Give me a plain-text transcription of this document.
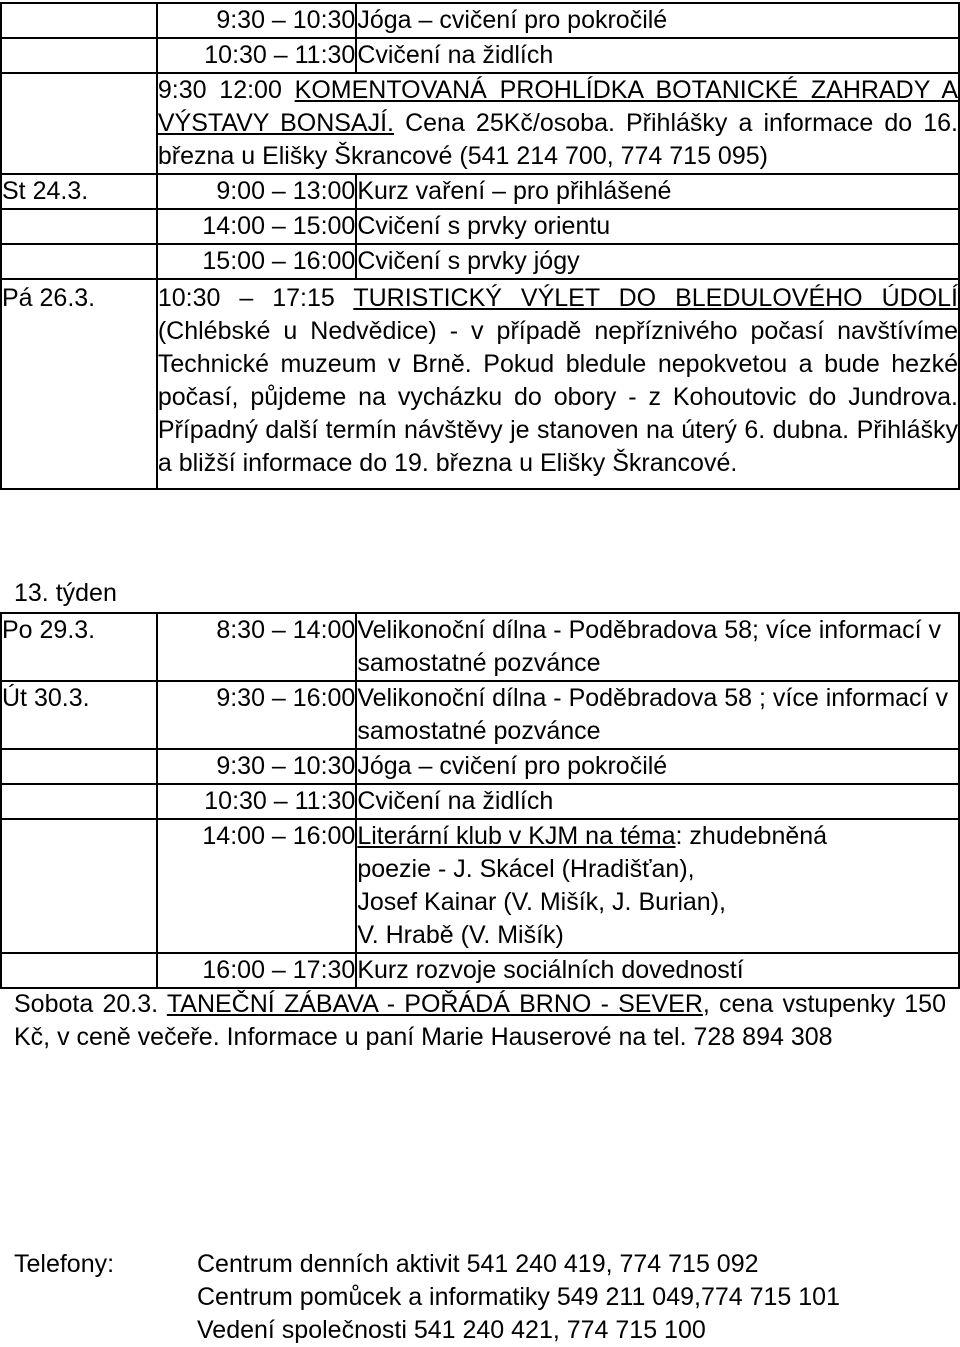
	9:30 – 10:30	Jóga – cvičení pro pokročilé
	10:30 – 11:30	Cvičení na židlích
	9:30 12:00 KOMENTOVANÁ PROHLÍDKA BOTANICKÉ ZAHRADY A VÝSTAVY BONSAJÍ. Cena 25Kč/osoba. Přihlášky a informace do 16. března u Elišky Škrancové (541 214 700, 774 715 095)	
St 24.3.	9:00 – 13:00	Kurz vaření – pro přihlášené
	14:00 – 15:00	Cvičení s prvky orientu
	15:00 – 16:00	Cvičení s prvky jógy
Pá 26.3.	10:30 – 17:15 TURISTICKÝ VÝLET DO BLEDULOVÉHO ÚDOLÍ (Chlébské u Nedvědice) - v případě nepříznivého počasí navštívíme Technické muzeum v Brně. Pokud bledule nepokvetou a bude hezké počasí, půjdeme na vycházku do obory - z Kohoutovic do Jundrova. Případný další termín návštěvy je stanoven na úterý 6. dubna. Přihlášky a bližší informace do 19. března u Elišky Škrancové.	
13. týden
Po 29.3.	8:30 – 14:00	Velikonoční dílna - Poděbradova 58; více informací v samostatné pozvánce
Út 30.3.	9:30 – 16:00	Velikonoční dílna - Poděbradova 58 ; více informací v samostatné pozvánce
	9:30 – 10:30	Jóga – cvičení pro pokročilé
	10:30 – 11:30	Cvičení na židlích
	14:00 – 16:00	Literární klub v KJM na téma: zhudebněná
poezie - J. Skácel (Hradišťan),
Josef Kainar (V. Mišík, J. Burian),
V. Hrabě (V. Mišík)

	16:00 – 17:30	Kurz rozvoje sociálních dovedností
Sobota 20.3. TANEČNÍ ZÁBAVA - POŘÁDÁ BRNO - SEVER, cena vstupenky 150 Kč, v ceně večeře. Informace u paní Marie Hauserové na tel. 728 894 308
Telefony:	Centrum denních aktivit 541 240 419, 774 715 092
Centrum pomůcek a informatiky 549 211 049,774 715 101
Vedení společnosti 541 240 421, 774 715 100
